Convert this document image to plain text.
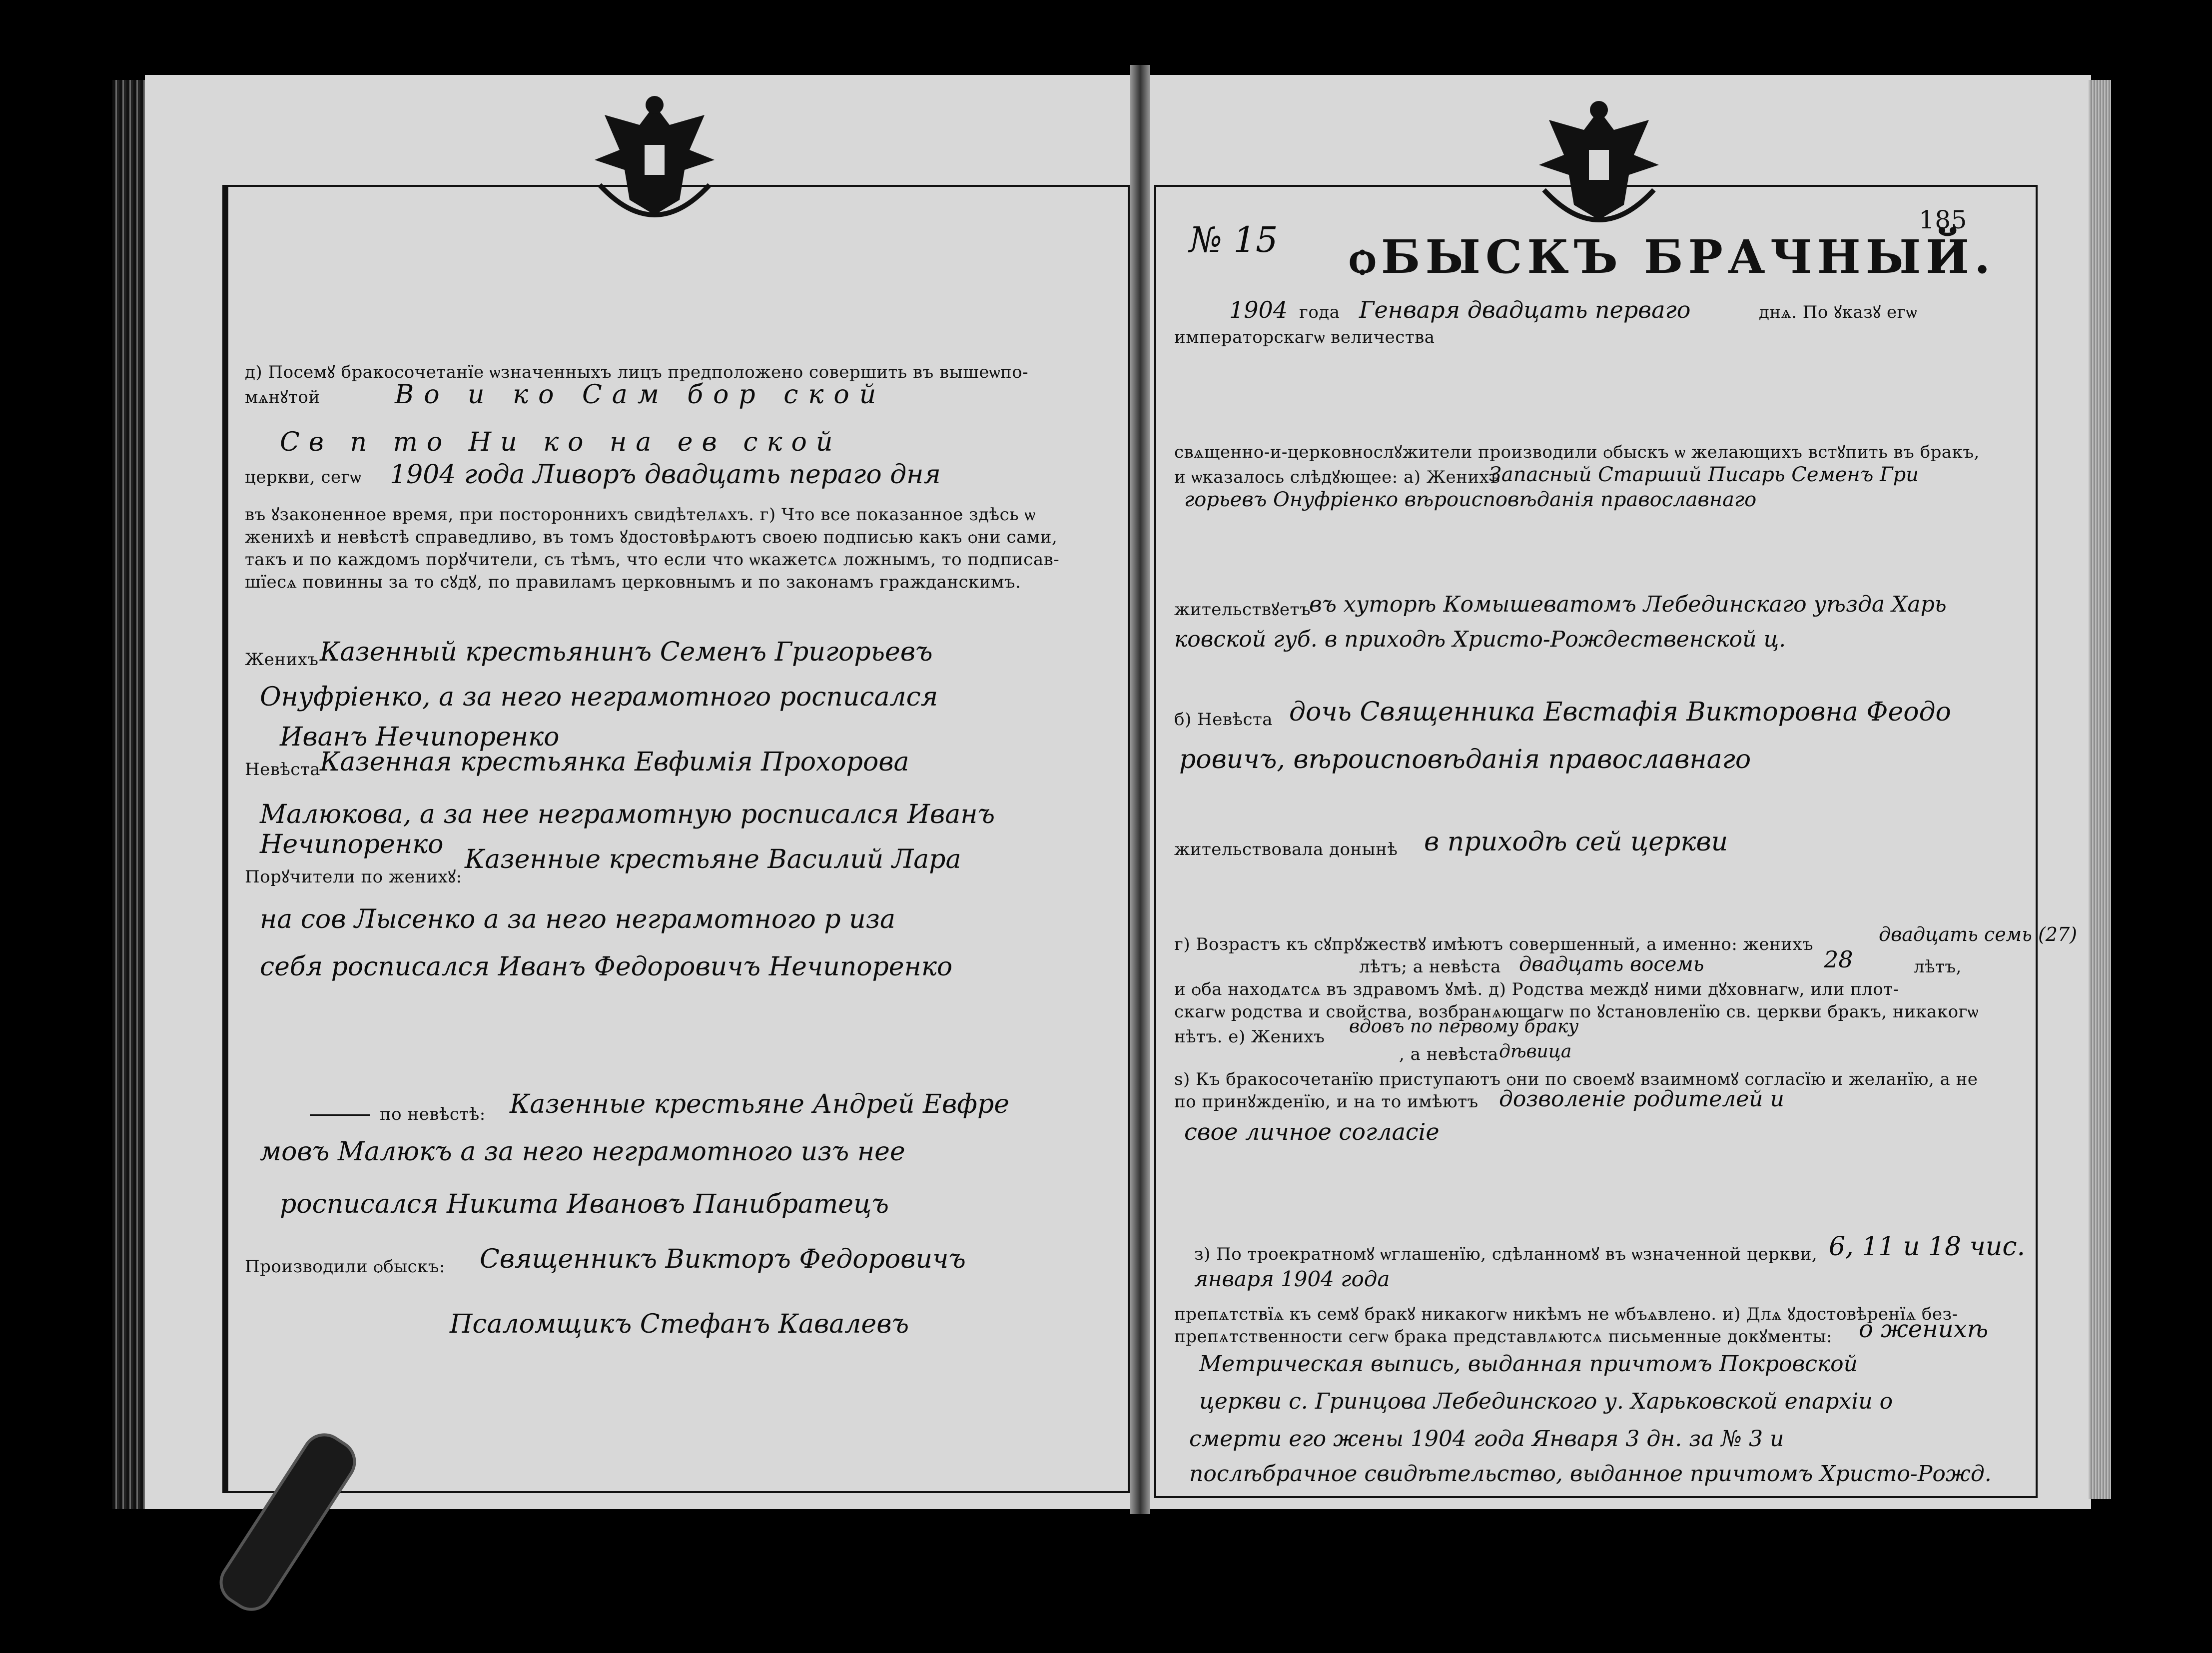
д) Посемꙋ бракосочетанїе ѡзначенныхъ лицъ предположено совершить въ вышеѡпо-
мѧнꙋтой	Во и ко Сам бор ской
Св п то Ни ко на ев ской
церкви, сегѡ 1904 года Ливоръ двадцать пераго дня
въ ꙋзаконенное время, при постороннихъ свидѣтелѧхъ. г) Что все показанное здѣсь ѡ
женихѣ и невѣстѣ справедливо, въ томъ ꙋдостовѣрѧютъ своею подписью какъ ѻни сами,
такъ и по каждомъ порꙋчители, съ тѣмъ, что если что ѡкажетсѧ ложнымъ, то подписав-
шїесѧ повинны за то сꙋдꙋ, по правиламъ церковнымъ и по законамъ гражданскимъ.
Женихъ Казенный крестьянинъ Семенъ Григорьевъ
Онуфрiенко, а за него неграмотного росписался
Иванъ Нечипоренко
Невѣста
Казенная крестьянка Евфимiя Прохорова
Малюкова, а за нее неграмотную росписался Иванъ
Нечипоренко
Порꙋчители по женихꙋ:
Казенные крестьяне Василий Лара
на сов Лысенко а за него неграмотного р иза
себя росписался Иванъ Федоровичъ Нечипоренко
по невѣстѣ: Казенные крестьяне Андрей Евфре
мовъ Малюкъ а за него неграмотного изъ нее
росписался Никита Ивановъ Панибратецъ
Производили ѻбыскъ: Священникъ Викторъ Федоровичъ
Псаломщикъ Стефанъ Кавалевъ
№ 15	185
ѻБЫСКЪ БРАЧНЫЙ.
1904 года Генваря двадцать перваго	днѧ. По ꙋказꙋ егѡ
императорскагѡ величества
свѧщенно-и-церковнослꙋжители произвoдили ѻбыскъ ѡ желающихъ встꙋпить въ бракъ,
и ѡказалось слѣдꙋющее: а) Женихъ
Запасный Старший Писарь Семенъ Гри
горьевъ Онуфрiенко вѣроисповѣданiя православнаго
жительствꙋетъ
въ хуторѣ Комышеватомъ Лебединскаго уѣзда Харь
ковской губ. в приходѣ Христо-Рождественской ц.
б) Невѣста дочь Священника Евстафiя Викторовна Феодо
ровичъ, вѣроисповѣданiя православнаго
жительствовала донынѣ в приходѣ сей церкви
г) Возрастъ къ сꙋпрꙋжествꙋ имѣютъ совершенный, а именно: женихъ	двадцать семь (27)
лѣтъ; а невѣста двадцать восемь	28	лѣтъ,
и ѻба находѧтсѧ въ здравомъ ꙋмѣ. д) Родства междꙋ ними дꙋховнагѡ, или плот-
скагѡ родства и свойства, возбранѧющагѡ по ꙋстановленїю св. церкви бракъ, никакогѡ
нѣтъ. е) Женихъ вдовъ по первому браку
, а невѣста дѣвица
ѕ) Къ бракосочетанїю приступаютъ ѻни по своемꙋ взаимномꙋ согласїю и желанїю, а не
по принꙋжденїю, и на то имѣютъ дозволенiе родителей и
свое личное согласiе
з) По троекратномꙋ ѡглашенїю, сдѣланномꙋ въ ѡзначенной церкви, 6, 11 и 18 чис.
января 1904 года
препѧтствїѧ къ семꙋ бракꙋ никакогѡ никѣмъ не ѡбъѧвлено. и) Длѧ ꙋдостовѣренїѧ без-
препѧтственности сегѡ брака представлѧютсѧ письменные докꙋменты: о женихѣ
Метрическая выпись, выданная причтомъ Покровской
церкви с. Гринцова Лебединского у. Харьковской епархiи о
смерти его жены 1904 года Января 3 дн. за № 3 и
послѣбрачное свидѣтельство, выданное причтомъ Христо-Рожд.
